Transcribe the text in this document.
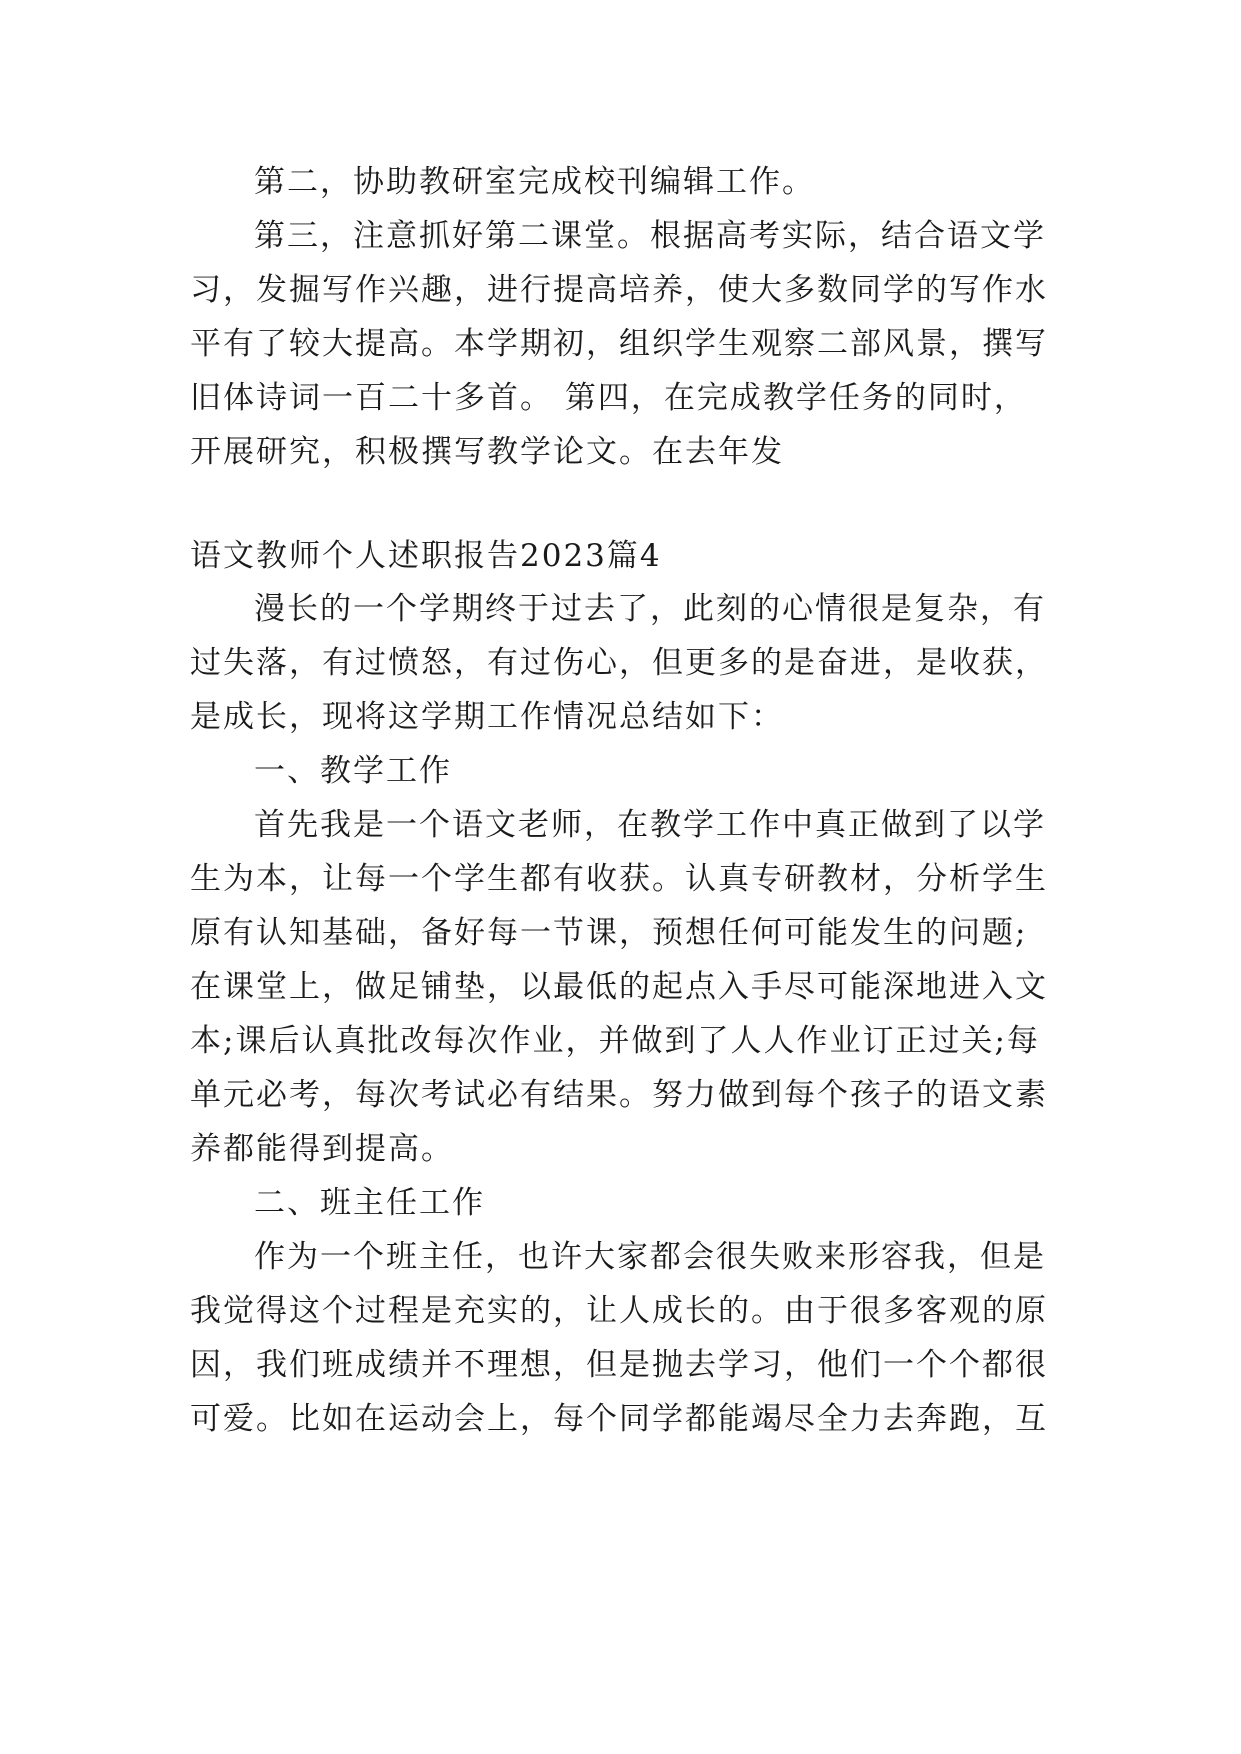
第二，协助教研室完成校刊编辑工作。
第三，注意抓好第二课堂。根据高考实际，结合语文学
习，发掘写作兴趣，进行提高培养，使大多数同学的写作水
平有了较大提高。本学期初，组织学生观察二部风景，撰写
旧体诗词一百二十多首。 第四，在完成教学任务的同时，
开展研究，积极撰写教学论文。在去年发
语文教师个人述职报告2023篇4
漫长的一个学期终于过去了，此刻的心情很是复杂，有
过失落，有过愤怒，有过伤心，但更多的是奋进，是收获，
是成长，现将这学期工作情况总结如下：
一、教学工作
首先我是一个语文老师，在教学工作中真正做到了以学
生为本，让每一个学生都有收获。认真专研教材，分析学生
原有认知基础，备好每一节课，预想任何可能发生的问题;
在课堂上，做足铺垫，以最低的起点入手尽可能深地进入文
本;课后认真批改每次作业，并做到了人人作业订正过关;每
单元必考，每次考试必有结果。努力做到每个孩子的语文素
养都能得到提高。
二、班主任工作
作为一个班主任，也许大家都会很失败来形容我，但是
我觉得这个过程是充实的，让人成长的。由于很多客观的原
因，我们班成绩并不理想，但是抛去学习，他们一个个都很
可爱。比如在运动会上，每个同学都能竭尽全力去奔跑，互
